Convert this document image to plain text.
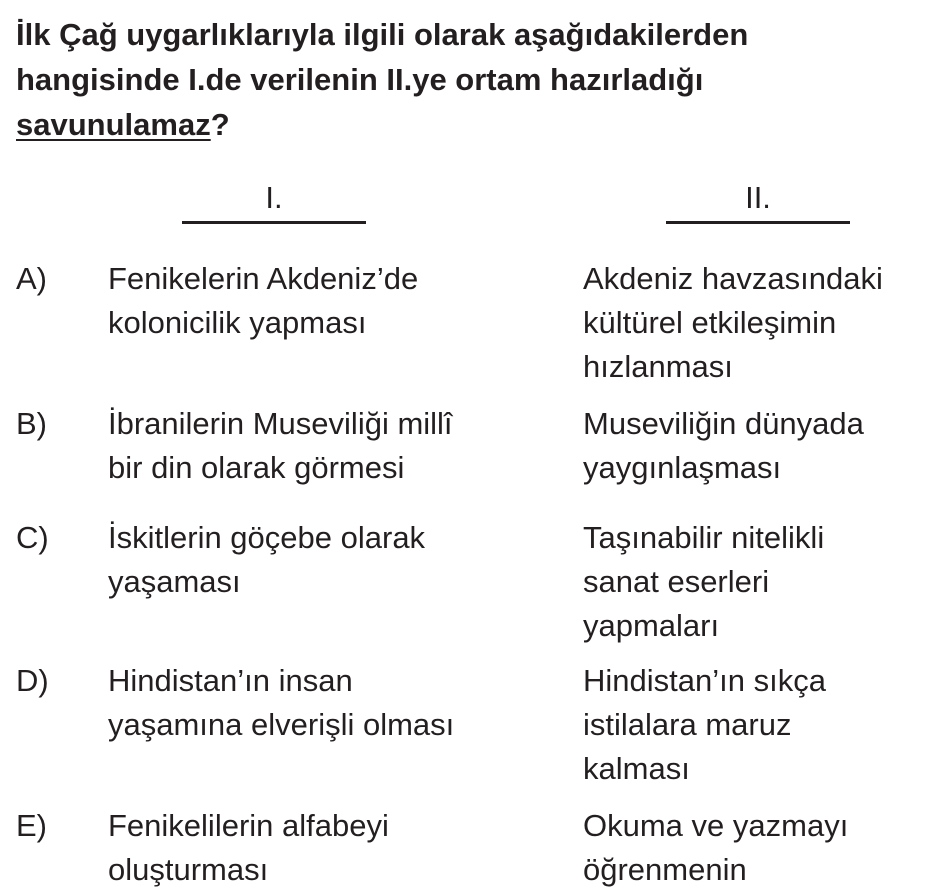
İlk Çağ uygarlıklarıyla ilgili olarak aşağıdakilerden
hangisinde I.de verilenin II.ye ortam hazırladığı
savunulamaz?
I.	II.
A) Fenikelerin Akdeniz’de
kolonicilik yapması
Akdeniz havzasındaki
kültürel etkileşimin
hızlanması
B) İbranilerin Museviliği millî
bir din olarak görmesi
Museviliğin dünyada
yaygınlaşması
C) İskitlerin göçebe olarak
yaşaması
Taşınabilir nitelikli
sanat eserleri
yapmaları
D) Hindistan’ın insan
yaşamına elverişli olması
Hindistan’ın sıkça
istilalara maruz
kalması
E) Fenikelilerin alfabeyi
oluşturması
Okuma ve yazmayı
öğrenmenin
